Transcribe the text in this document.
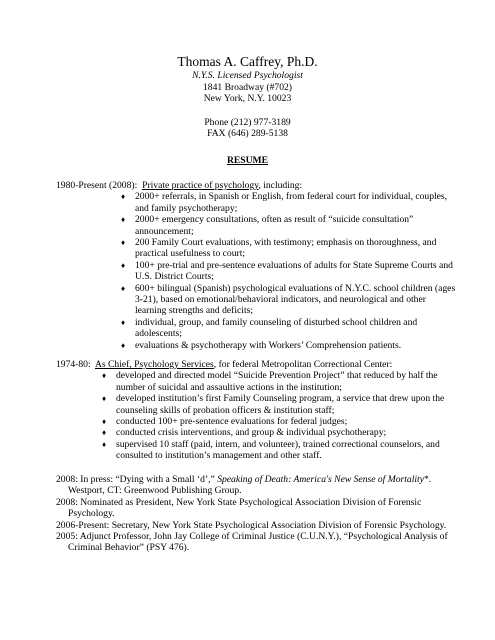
Thomas A. Caffrey, Ph.D.
N.Y.S. Licensed Psychologist
1841 Broadway (#702)
New York, N.Y. 10023
Phone (212) 977-3189
FAX (646) 289-5138
RESUME
1980-Present (2008): Private practice of psychology, including:
♦ 2000+ referrals, in Spanish or English, from federal court for individual, couples, and family psychotherapy;
♦ 2000+ emergency consultations, often as result of “suicide consultation” announcement;
♦ 200 Family Court evaluations, with testimony; emphasis on thoroughness, and practical usefulness to court;
♦ 100+ pre-trial and pre-sentence evaluations of adults for State Supreme Courts and U.S. District Courts;
♦ 600+ bilingual (Spanish) psychological evaluations of N.Y.C. school children (ages 3-21), based on emotional/behavioral indicators, and neurological and other learning strengths and deficits;
♦ individual, group, and family counseling of disturbed school children and adolescents;
♦ evaluations & psychotherapy with Workers’ Comprehension patients.
1974-80: As Chief, Psychology Services, for federal Metropolitan Correctional Center:
♦ developed and directed model “Suicide Prevention Project” that reduced by half the number of suicidal and assaultive actions in the institution;
♦ developed institution’s first Family Counseling program, a service that drew upon the counseling skills of probation officers & institution staff;
♦ conducted 100+ pre-sentence evaluations for federal judges;
♦ conducted crisis interventions, and group & individual psychotherapy;
♦ supervised 10 staff (paid, intern, and volunteer), trained correctional counselors, and consulted to institution’s management and other staff.
2008: In press: “Dying with a Small ‘d’,” Speaking of Death: America's New Sense of Mortality*. Westport, CT: Greenwood Publishing Group.
2008: Nominated as President, New York State Psychological Association Division of Forensic Psychology.
2006-Present: Secretary, New York State Psychological Association Division of Forensic Psychology.
2005: Adjunct Professor, John Jay College of Criminal Justice (C.U.N.Y.), “Psychological Analysis of Criminal Behavior” (PSY 476).
